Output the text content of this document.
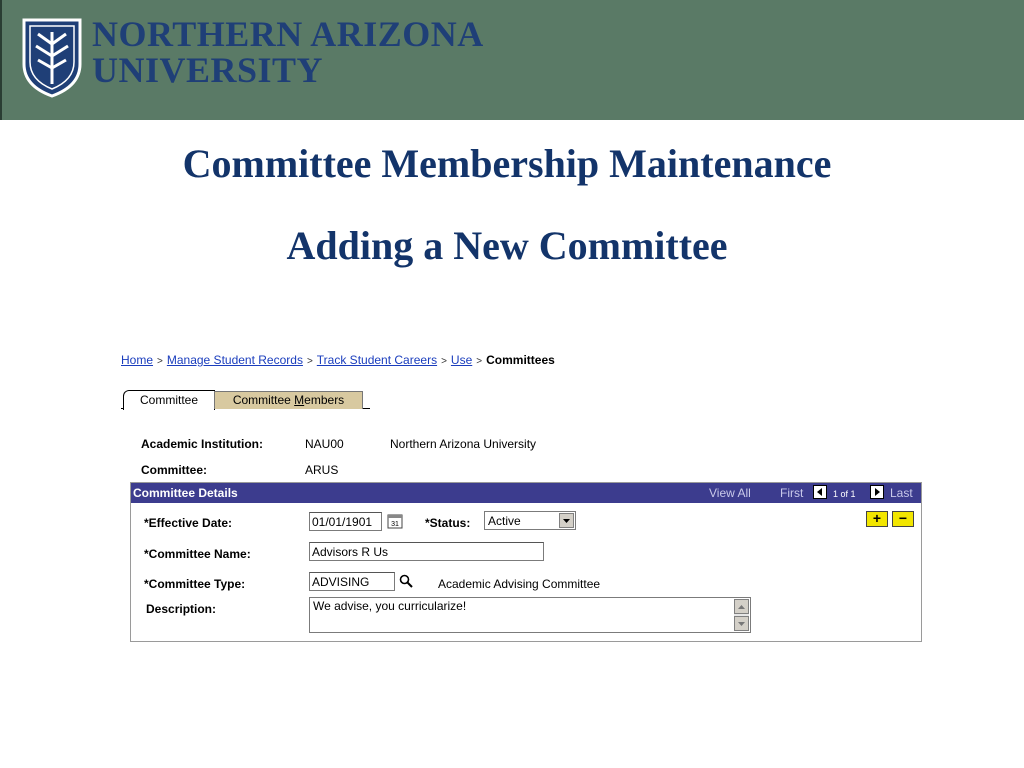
NORTHERN ARIZONA
UNIVERSITY
Committee Membership Maintenance
Adding a New Committee
Home > Manage Student Records > Track Student Careers > Use > Committees
Committee	Committee Members
Academic Institution:	NAU00	Northern Arizona University
Committee:	ARUS
Committee Details	View All First	1 of 1	Last
*Effective Date:	01/01/1901	31 *Status:	Active	+	−
*Committee Name:	Advisors R Us
*Committee Type:	ADVISING	Academic Advising Committee
Description:	We advise, you curricularize!
